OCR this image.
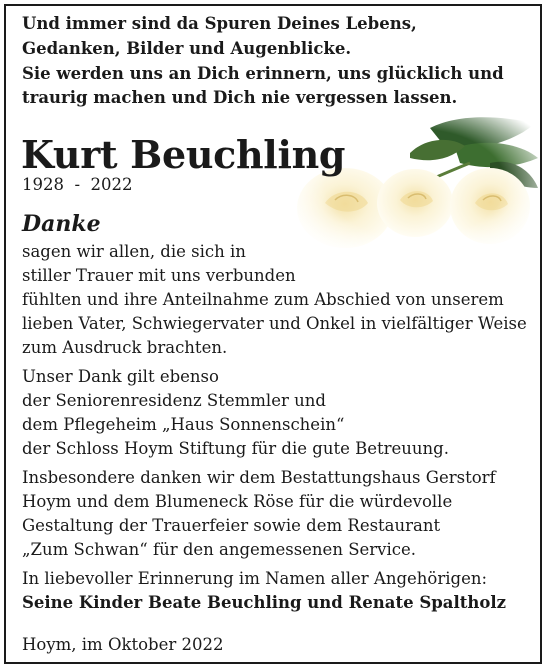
Und immer sind da Spuren Deines Lebens,
Gedanken, Bilder und Augenblicke.
Sie werden uns an Dich erinnern, uns glücklich und
traurig machen und Dich nie vergessen lassen.
Kurt Beuchling
1928  -  2022
Danke
sagen wir allen, die sich in
stiller Trauer mit uns verbunden
fühlten und ihre Anteilnahme zum Abschied von unserem
lieben Vater, Schwiegervater und Onkel in vielfältiger Weise
zum Ausdruck brachten.
Unser Dank gilt ebenso
der Seniorenresidenz Stemmler und
dem Pflegeheim „Haus Sonnenschein“
der Schloss Hoym Stiftung für die gute Betreuung.
Insbesondere danken wir dem Bestattungshaus Gerstorf
Hoym und dem Blumeneck Röse für die würdevolle
Gestaltung der Trauerfeier sowie dem Restaurant
„Zum Schwan“ für den angemessenen Service.
In liebevoller Erinnerung im Namen aller Angehörigen:
Seine Kinder Beate Beuchling und Renate Spaltholz
Hoym, im Oktober 2022
